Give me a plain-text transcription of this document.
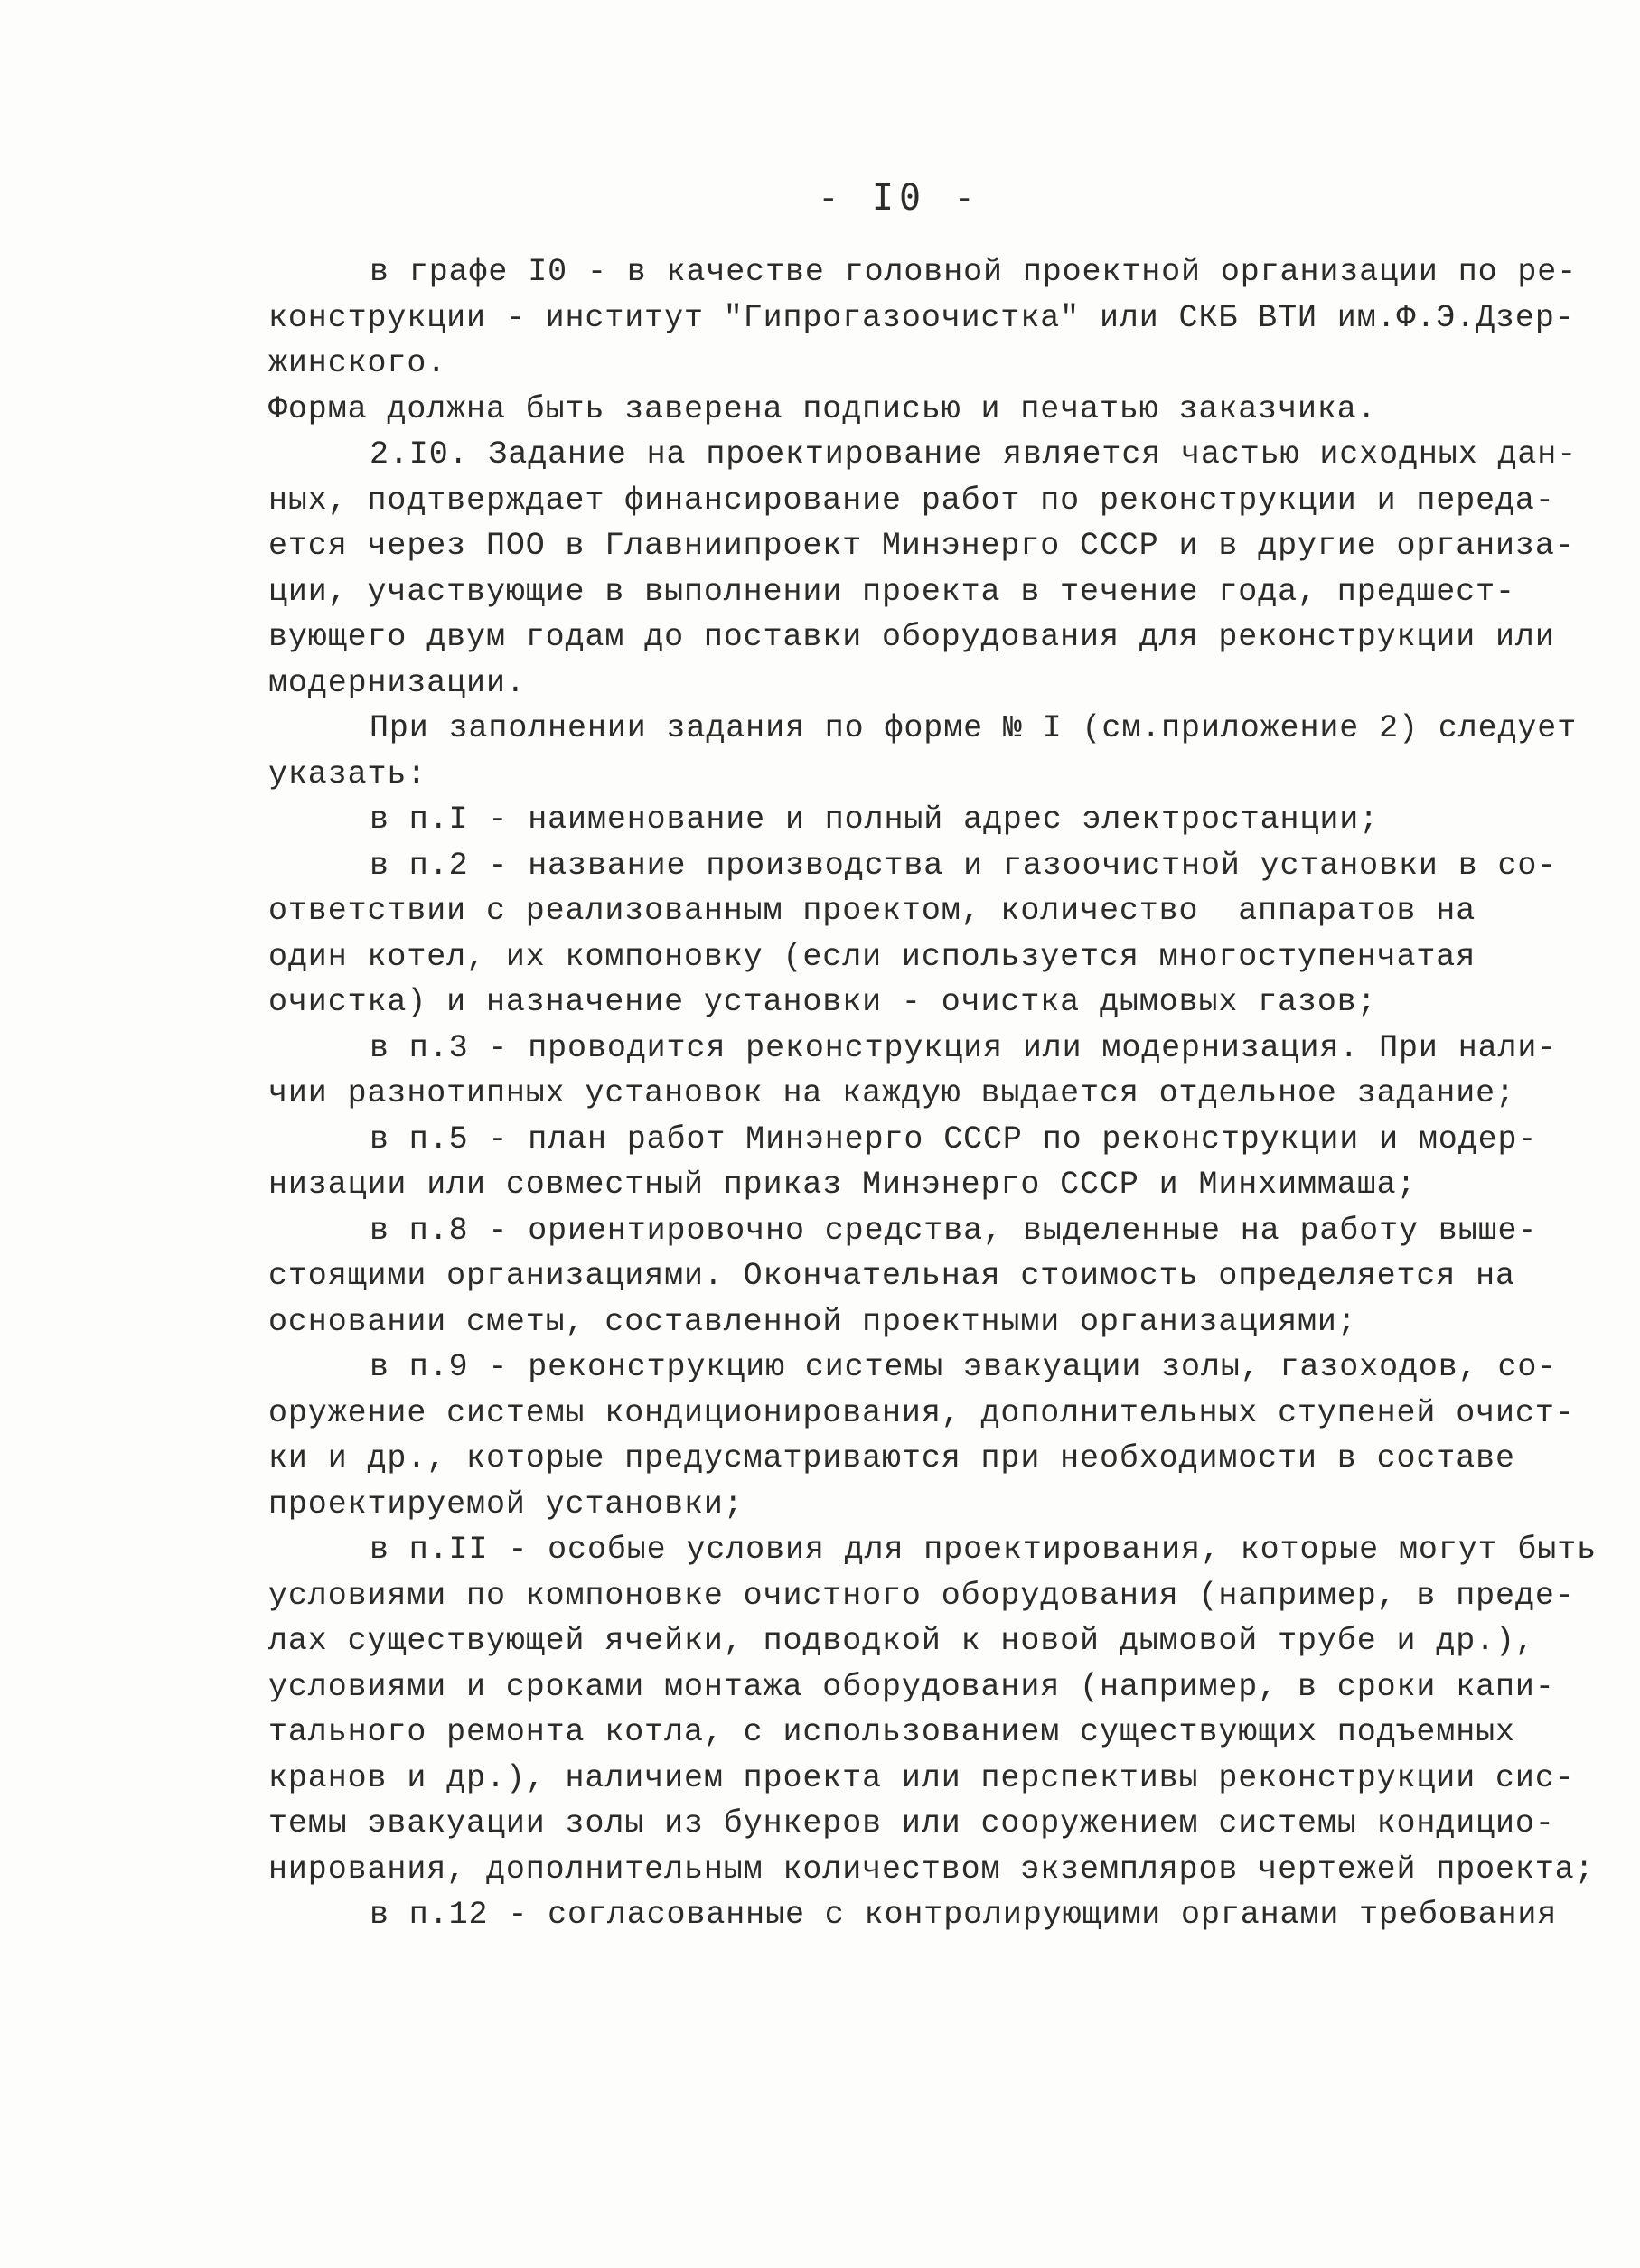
- I0 -
в графе I0 - в качестве головной проектной организации по ре-
конструкции - институт "Гипрогазоочистка" или СКБ ВТИ им.Ф.Э.Дзер-
жинского.
Форма должна быть заверена подписью и печатью заказчика.
2.I0. Задание на проектирование является частью исходных дан-
ных, подтверждает финансирование работ по реконструкции и переда-
ется через ПОО в Главниипроект Минэнерго СССР и в другие организа-
ции, участвующие в выполнении проекта в течение года, предшест-
вующего двум годам до поставки оборудования для реконструкции или
модернизации.
При заполнении задания по форме № I (см.приложение 2) следует
указать:
в п.I - наименование и полный адрес электростанции;
в п.2 - название производства и газоочистной установки в со-
ответствии с реализованным проектом, количество  аппаратов на
один котел, их компоновку (если используется многоступенчатая
очистка) и назначение установки - очистка дымовых газов;
в п.3 - проводится реконструкция или модернизация. При нали-
чии разнотипных установок на каждую выдается отдельное задание;
в п.5 - план работ Минэнерго СССР по реконструкции и модер-
низации или совместный приказ Минэнерго СССР и Минхиммаша;
в п.8 - ориентировочно средства, выделенные на работу выше-
стоящими организациями. Окончательная стоимость определяется на
основании сметы, составленной проектными организациями;
в п.9 - реконструкцию системы эвакуации золы, газоходов, со-
оружение системы кондиционирования, дополнительных ступеней очист-
ки и др., которые предусматриваются при необходимости в составе
проектируемой установки;
в п.II - особые условия для проектирования, которые могут быть
условиями по компоновке очистного оборудования (например, в преде-
лах существующей ячейки, подводкой к новой дымовой трубе и др.),
условиями и сроками монтажа оборудования (например, в сроки капи-
тального ремонта котла, с использованием существующих подъемных
кранов и др.), наличием проекта или перспективы реконструкции сис-
темы эвакуации золы из бункеров или сооружением системы кондицио-
нирования, дополнительным количеством экземпляров чертежей проекта;
в п.12 - согласованные с контролирующими органами требования
